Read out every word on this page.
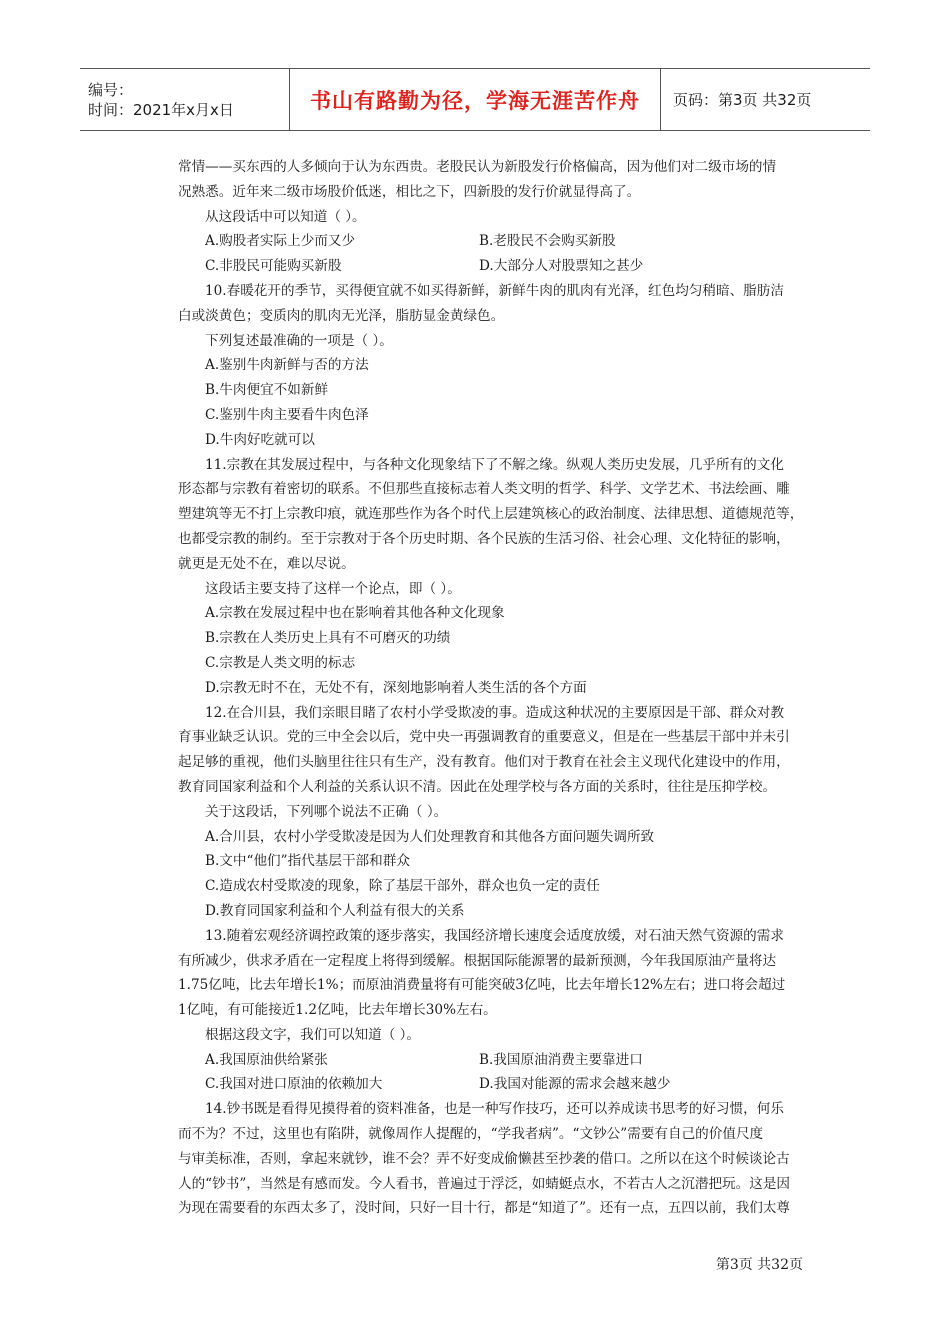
编号：
时间：2021年x月x日	书山有路勤为径，学海无涯苦作舟	页码：第3页 共32页

常情——买东西的人多倾向于认为东西贵。老股民认为新股发行价格偏高，因为他们对二级市场的情

况熟悉。近年来二级市场股价低迷，相比之下，四新股的发行价就显得高了。

从这段话中可以知道（ ）。

A.购股者实际上少而又少	B.老股民不会购买新股
C.非股民可能购买新股	D.大部分人对股票知之甚少

10.春暖花开的季节，买得便宜就不如买得新鲜，新鲜牛肉的肌肉有光泽，红色均匀稍暗、脂肪洁

白或淡黄色；变质肉的肌肉无光泽，脂肪显金黄绿色。

下列复述最准确的一项是（ ）。

A.鉴别牛肉新鲜与否的方法

B.牛肉便宜不如新鲜

C.鉴别牛肉主要看牛肉色泽

D.牛肉好吃就可以

11.宗教在其发展过程中，与各种文化现象结下了不解之缘。纵观人类历史发展，几乎所有的文化

形态都与宗教有着密切的联系。不但那些直接标志着人类文明的哲学、科学、文学艺术、书法绘画、雕

塑建筑等无不打上宗教印痕，就连那些作为各个时代上层建筑核心的政治制度、法律思想、道德规范等，

也都受宗教的制约。至于宗教对于各个历史时期、各个民族的生活习俗、社会心理、文化特征的影响，

就更是无处不在，难以尽说。

这段话主要支持了这样一个论点，即（ ）。

A.宗教在发展过程中也在影响着其他各种文化现象

B.宗教在人类历史上具有不可磨灭的功绩

C.宗教是人类文明的标志

D.宗教无时不在，无处不有，深刻地影响着人类生活的各个方面

12.在合川县，我们亲眼目睹了农村小学受欺凌的事。造成这种状况的主要原因是干部、群众对教

育事业缺乏认识。党的三中全会以后，党中央一再强调教育的重要意义，但是在一些基层干部中并未引

起足够的重视，他们头脑里往往只有生产，没有教育。他们对于教育在社会主义现代化建设中的作用，

教育同国家利益和个人利益的关系认识不清。因此在处理学校与各方面的关系时，往往是压抑学校。

关于这段话，下列哪个说法不正确（ ）。

A.合川县，农村小学受欺凌是因为人们处理教育和其他各方面问题失调所致

B.文中“他们”指代基层干部和群众

C.造成农村受欺凌的现象，除了基层干部外，群众也负一定的责任

D.教育同国家利益和个人利益有很大的关系

13.随着宏观经济调控政策的逐步落实，我国经济增长速度会适度放缓，对石油天然气资源的需求

有所减少，供求矛盾在一定程度上将得到缓解。根据国际能源署的最新预测，今年我国原油产量将达

1.75亿吨，比去年增长1%；而原油消费量将有可能突破3亿吨，比去年增长12%左右；进口将会超过

1亿吨，有可能接近1.2亿吨，比去年增长30%左右。

根据这段文字，我们可以知道（ ）。

A.我国原油供给紧张	B.我国原油消费主要靠进口
C.我国对进口原油的依赖加大	D.我国对能源的需求会越来越少

14.钞书既是看得见摸得着的资料准备，也是一种写作技巧，还可以养成读书思考的好习惯，何乐

而不为？不过，这里也有陷阱，就像周作人提醒的，“学我者病”。“文钞公”需要有自己的价值尺度

与审美标准，否则，拿起来就钞，谁不会？弄不好变成偷懒甚至抄袭的借口。之所以在这个时候谈论古

人的“钞书”，当然是有感而发。今人看书，普遍过于浮泛，如蜻蜓点水，不若古人之沉潜把玩。这是因

为现在需要看的东西太多了，没时间，只好一目十行，都是“知道了”。还有一点，五四以前，我们太尊

第3页 共32页
